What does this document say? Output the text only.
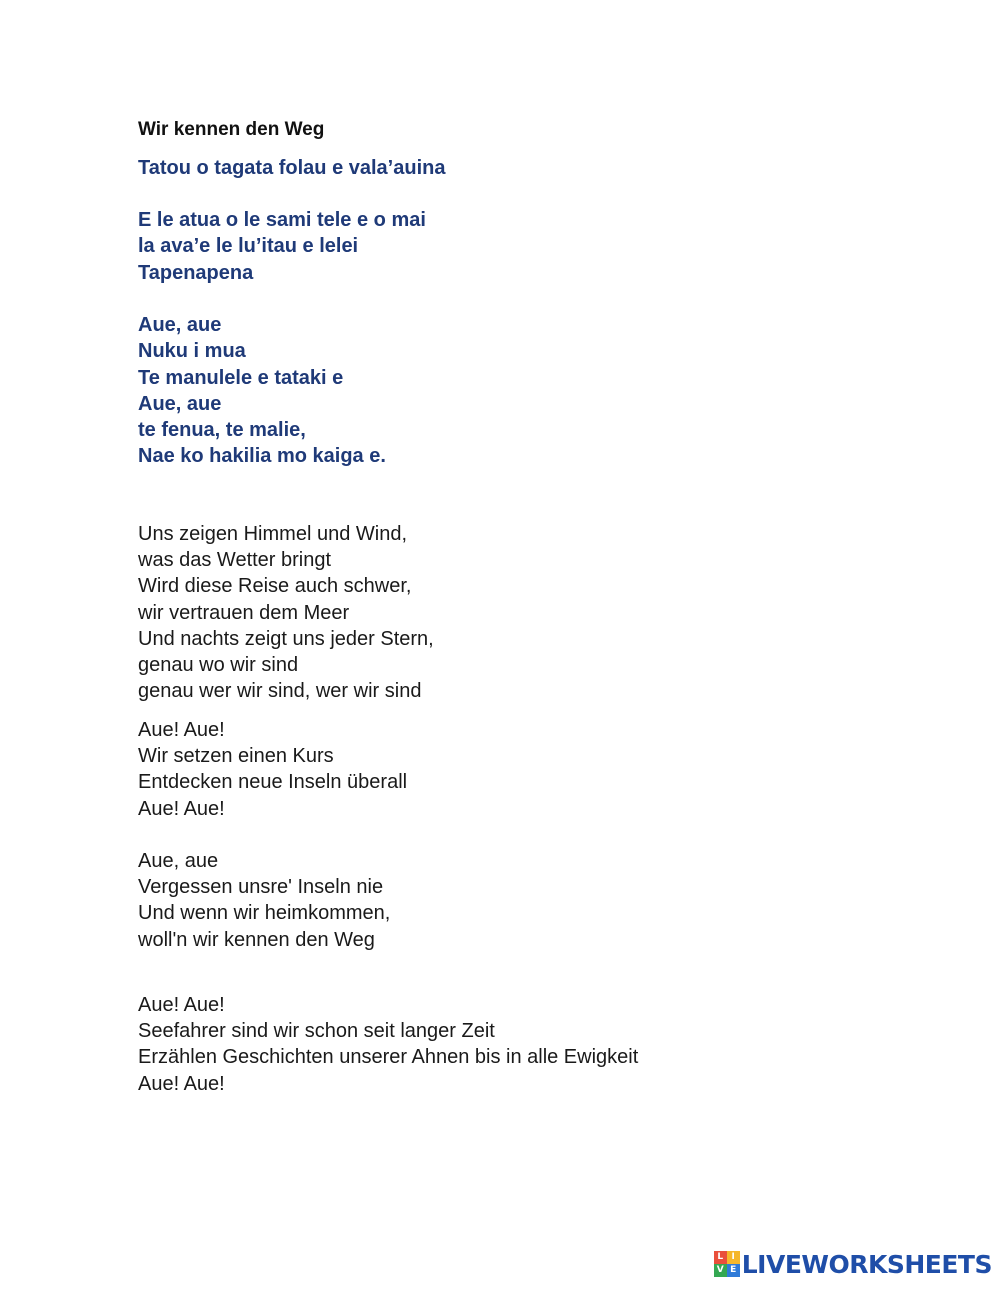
Wir kennen den Weg
Tatou o tagata folau e vala’auina
E le atua o le sami tele e o mai
la ava’e le lu’itau e lelei
Tapenapena
Aue, aue
Nuku i mua
Te manulele e tataki e
Aue, aue
te fenua, te malie,
Nae ko hakilia mo kaiga e.
Uns zeigen Himmel und Wind,
was das Wetter bringt
Wird diese Reise auch schwer,
wir vertrauen dem Meer
Und nachts zeigt uns jeder Stern,
genau wo wir sind
genau wer wir sind, wer wir sind
Aue! Aue!
Wir setzen einen Kurs
Entdecken neue Inseln überall
Aue! Aue!
Aue, aue
Vergessen unsre' Inseln nie
Und wenn wir heimkommen,
woll'n wir kennen den Weg
Aue! Aue!
Seefahrer sind wir schon seit langer Zeit
Erzählen Geschichten unserer Ahnen bis in alle Ewigkeit
Aue! Aue!
L I
V E LIVEWORKSHEETS
